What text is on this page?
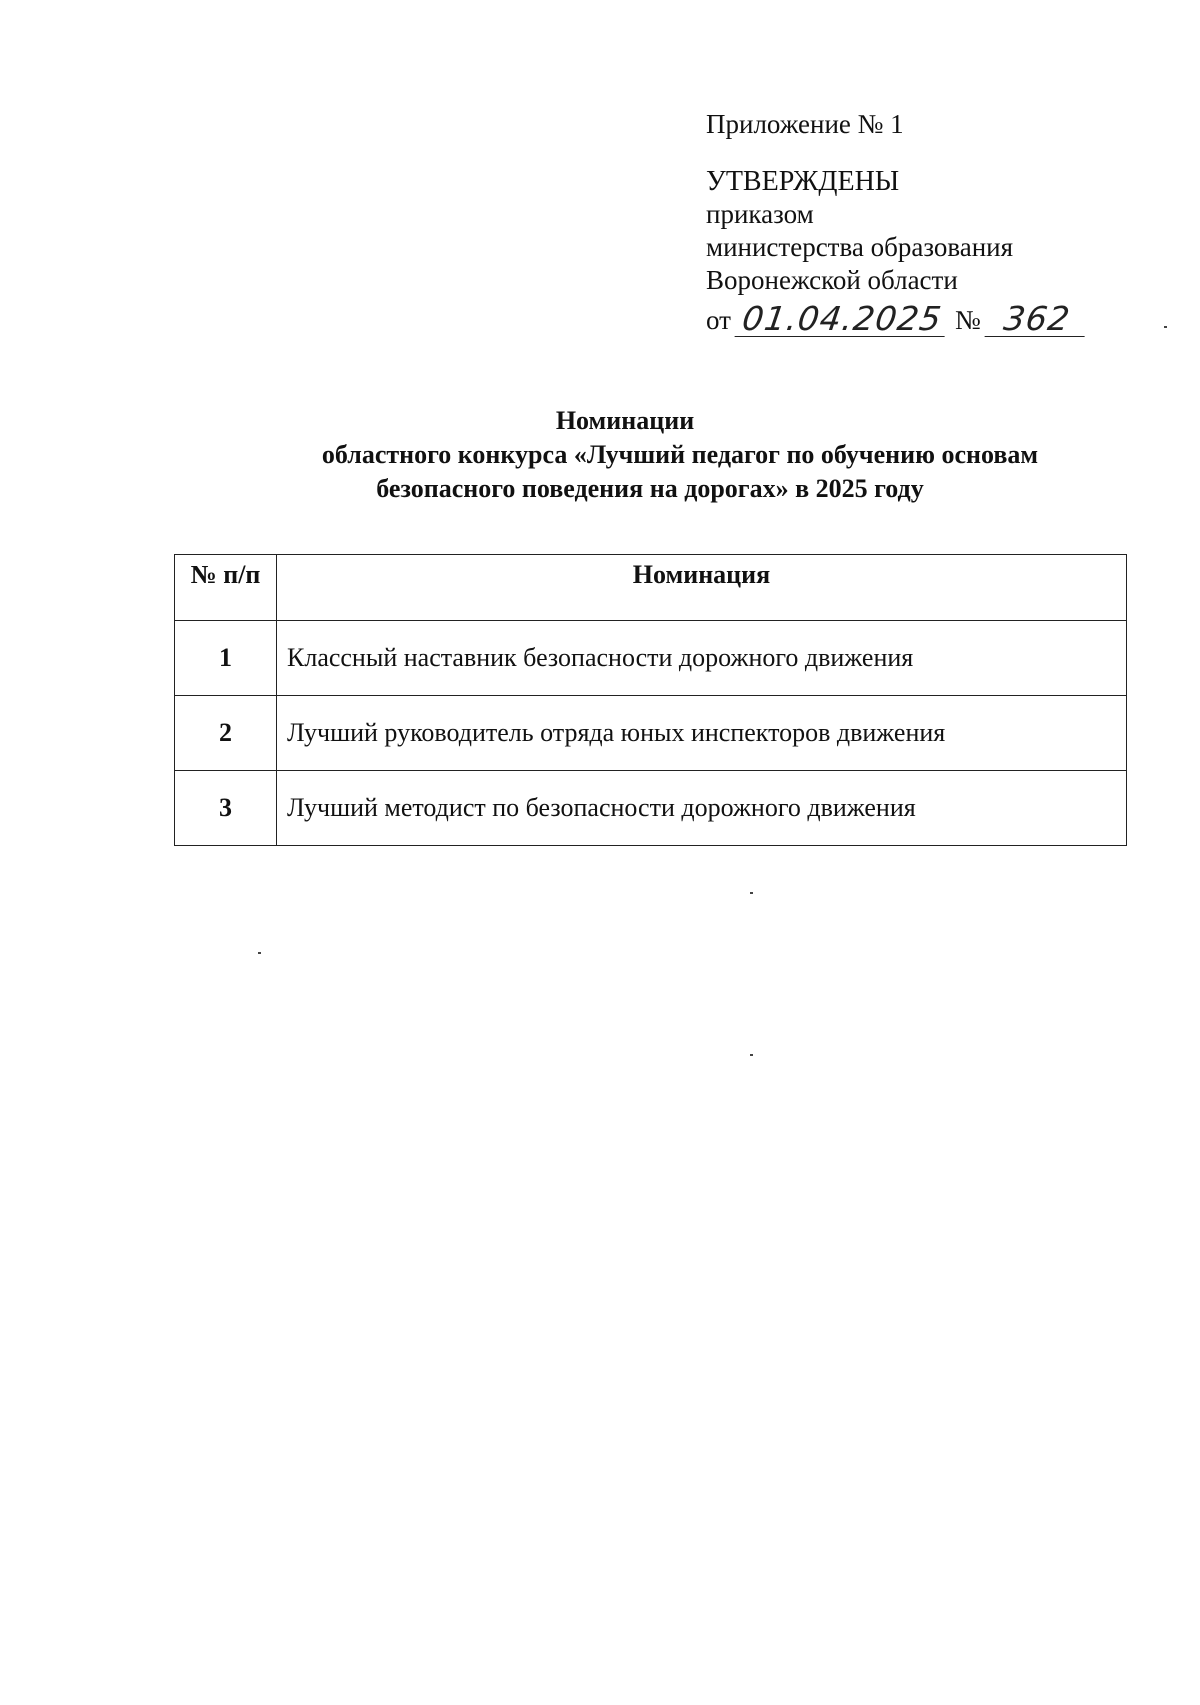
Приложение № 1
УТВЕРЖДЕНЫ
приказом
министерства образования
Воронежской области
от 01.04.2025 № 362
Номинации
областного конкурса «Лучший педагог по обучению основам
безопасного поведения на дорогах» в 2025 году
№ п/п	Номинация
1	Классный наставник безопасности дорожного движения
2	Лучший руководитель отряда юных инспекторов движения
3	Лучший методист по безопасности дорожного движения
